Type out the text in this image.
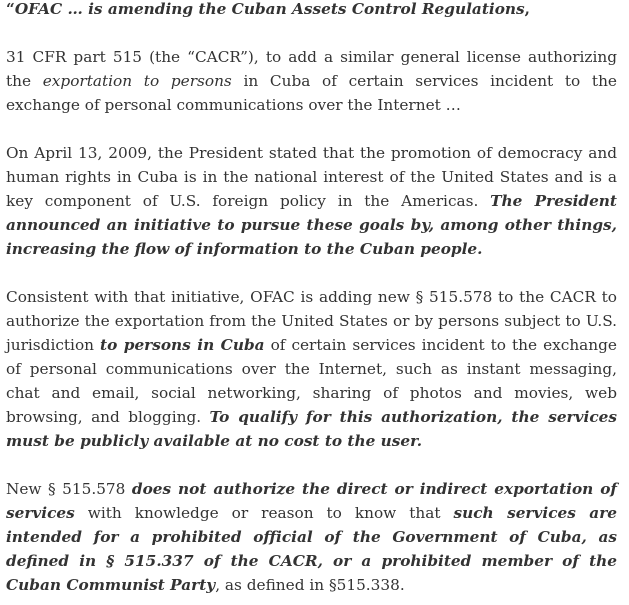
“OFAC … is amending the Cuban Assets Control Regulations,

31 CFR part 515 (the “CACR”), to add a similar general license authorizing the exportation to persons in Cuba of certain services incident to the exchange of personal communications over the Internet …

On April 13, 2009, the President stated that the promotion of democracy and human rights in Cuba is in the national interest of the United States and is a key component of U.S. foreign policy in the Americas. The President announced an initiative to pursue these goals by, among other things, increasing the flow of information to the Cuban people.

Consistent with that initiative, OFAC is adding new § 515.578 to the CACR to authorize the exportation from the United States or by persons subject to U.S. jurisdiction to persons in Cuba of certain services incident to the exchange of personal communications over the Internet, such as instant messaging, chat and email, social networking, sharing of photos and movies, web browsing, and blogging. To qualify for this authorization, the services must be publicly available at no cost to the user.

New § 515.578 does not authorize the direct or indirect exportation of services with knowledge or reason to know that such services are intended for a prohibited official of the Government of Cuba, as defined in § 515.337 of the CACR, or a prohibited member of the Cuban Communist Party, as defined in §515.338.
